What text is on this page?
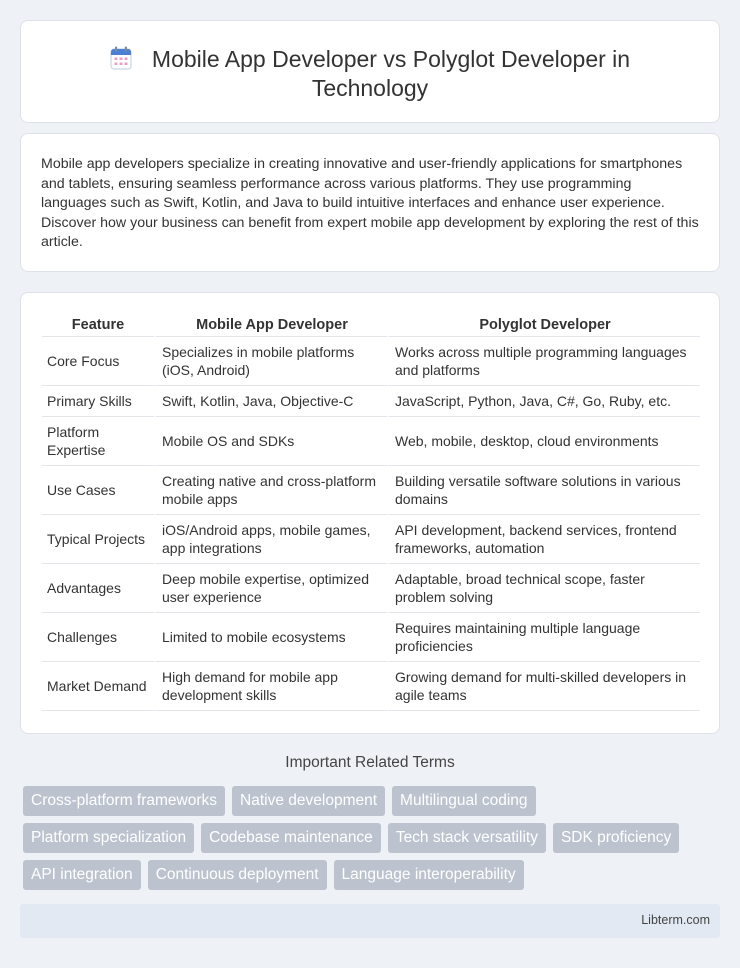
Mobile App Developer vs Polyglot Developer in
Technology

Mobile app developers specialize in creating innovative and user-friendly applications for smartphones and tablets, ensuring seamless performance across various platforms. They use programming languages such as Swift, Kotlin, and Java to build intuitive interfaces and enhance user experience. Discover how your business can benefit from expert mobile app development by exploring the rest of this article.

Feature	Mobile App Developer	Polyglot Developer
Core Focus	Specializes in mobile platforms (iOS, Android)	Works across multiple programming languages and platforms
Primary Skills	Swift, Kotlin, Java, Objective-C	JavaScript, Python, Java, C#, Go, Ruby, etc.
Platform Expertise	Mobile OS and SDKs	Web, mobile, desktop, cloud environments
Use Cases	Creating native and cross-platform mobile apps	Building versatile software solutions in various domains
Typical Projects	iOS/Android apps, mobile games, app integrations	API development, backend services, frontend frameworks, automation
Advantages	Deep mobile expertise, optimized user experience	Adaptable, broad technical scope, faster problem solving
Challenges	Limited to mobile ecosystems	Requires maintaining multiple language proficiencies
Market Demand	High demand for mobile app development skills	Growing demand for multi-skilled developers in agile teams
Important Related Terms
Cross-platform frameworks	Native development	Multilingual coding
Platform specialization	Codebase maintenance	Tech stack versatility	SDK proficiency
API integration	Continuous deployment	Language interoperability
Libterm.com
